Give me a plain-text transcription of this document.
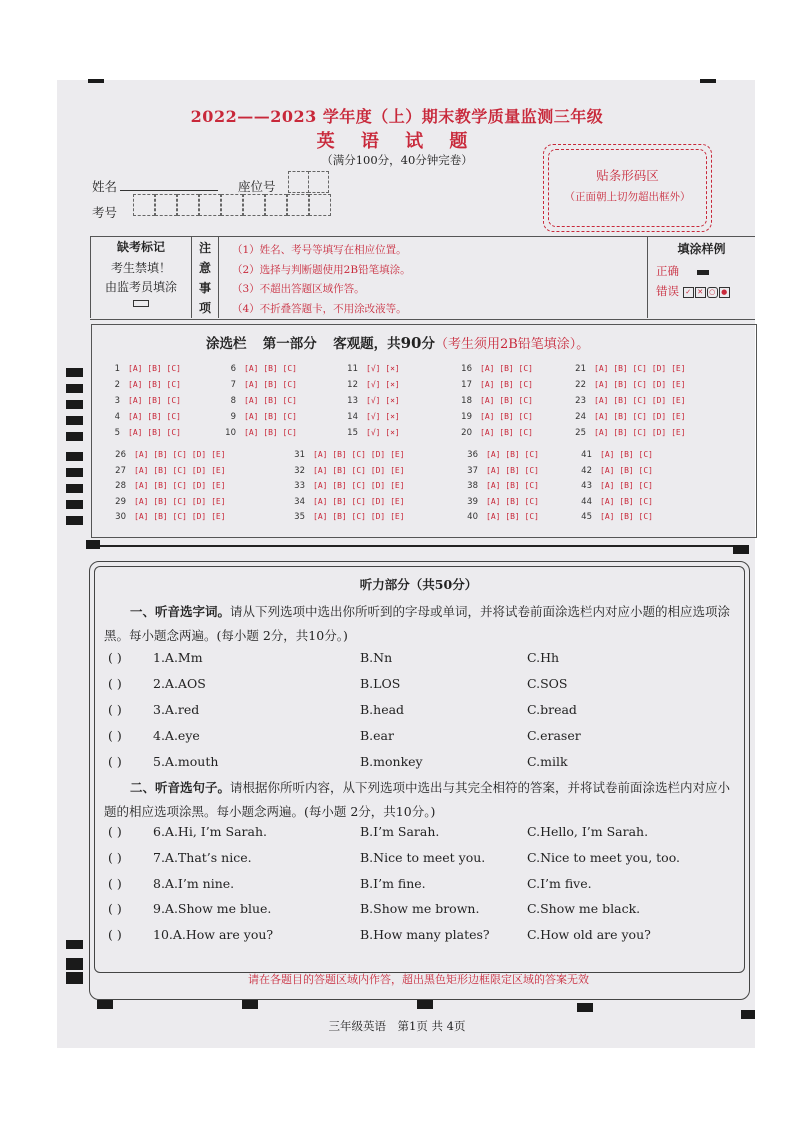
2022——2023 学年度（上）期末教学质量监测三年级
英 语 试 题
（满分100分，40分钟完卷）
姓名	座位号
考号
贴条形码区
（正面朝上切勿超出框外）
缺考标记
考生禁填！
由监考员填涂
注
意
事
项
（1）姓名、考号等填写在相应位置。
（2）选择与判断题使用2B铅笔填涂。
（3）不超出答题区域作答。
（4）不折叠答题卡，不用涂改液等。
填涂样例
正确
错误 ✓ ✕ ○ ●
涂选栏 第一部分 客观题，共90分（考生须用2B铅笔填涂）。
1 [A] [B] [C]
2 [A] [B] [C]
3 [A] [B] [C]
4 [A] [B] [C]
5 [A] [B] [C]
6 [A] [B] [C]
7 [A] [B] [C]
8 [A] [B] [C]
9 [A] [B] [C]
10 [A] [B] [C]
11 [√] [×]
12 [√] [×]
13 [√] [×]
14 [√] [×]
15 [√] [×]
16 [A] [B] [C]
17 [A] [B] [C]
18 [A] [B] [C]
19 [A] [B] [C]
20 [A] [B] [C]
21 [A] [B] [C] [D] [E]
22 [A] [B] [C] [D] [E]
23 [A] [B] [C] [D] [E]
24 [A] [B] [C] [D] [E]
25 [A] [B] [C] [D] [E]
26 [A] [B] [C] [D] [E]
27 [A] [B] [C] [D] [E]
28 [A] [B] [C] [D] [E]
29 [A] [B] [C] [D] [E]
30 [A] [B] [C] [D] [E]
31 [A] [B] [C] [D] [E]
32 [A] [B] [C] [D] [E]
33 [A] [B] [C] [D] [E]
34 [A] [B] [C] [D] [E]
35 [A] [B] [C] [D] [E]
36 [A] [B] [C]
37 [A] [B] [C]
38 [A] [B] [C]
39 [A] [B] [C]
40 [A] [B] [C]
41 [A] [B] [C]
42 [A] [B] [C]
43 [A] [B] [C]
44 [A] [B] [C]
45 [A] [B] [C]
听力部分（共50分）
一、听音选字词。请从下列选项中选出你所听到的字母或单词，并将试卷前面涂选栏内对应小题的相应选项涂黑。每小题念两遍。(每小题 2分，共10分。)
( )	1.A.Mm	B.Nn	C.Hh
( )	2.A.AOS	B.LOS	C.SOS
( )	3.A.red	B.head	C.bread
( )	4.A.eye	B.ear	C.eraser
( )	5.A.mouth	B.monkey	C.milk
二、听音选句子。请根据你所听内容，从下列选项中选出与其完全相符的答案，并将试卷前面涂选栏内对应小题的相应选项涂黑。每小题念两遍。(每小题 2分，共10分。)
( )	6.A.Hi, I’m Sarah.	B.I’m Sarah.	C.Hello, I’m Sarah.
( )	7.A.That’s nice.	B.Nice to meet you.	C.Nice to meet you, too.
( )	8.A.I’m nine.	B.I’m fine.	C.I’m five.
( )	9.A.Show me blue.	B.Show me brown.	C.Show me black.
( )	10.A.How are you?	B.How many plates?	C.How old are you?
请在各题目的答题区域内作答，超出黑色矩形边框限定区域的答案无效
三年级英语　第1页 共 4页
